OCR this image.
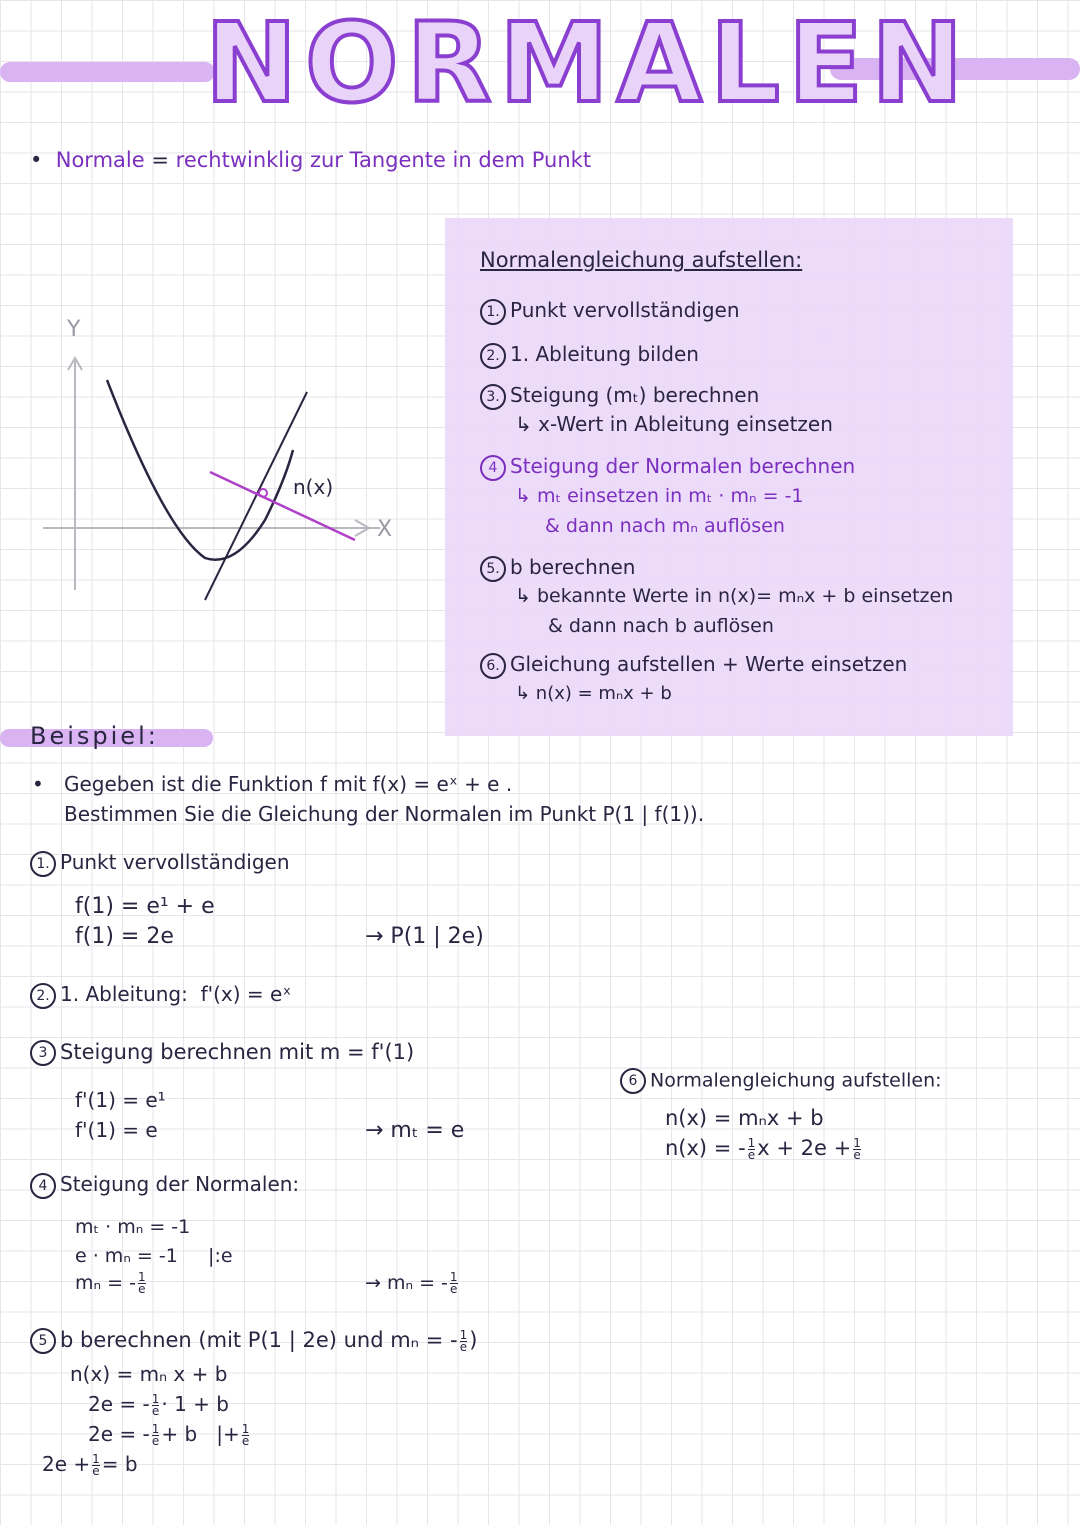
NORMALEN
• Normale = rechtwinklig zur Tangente in dem Punkt
Y
X
n(x)
Normalengleichung aufstellen:
1. Punkt vervollständigen
2. 1. Ableitung bilden
3. Steigung (mₜ) berechnen
↳ x-Wert in Ableitung einsetzen
4 Steigung der Normalen berechnen
↳ mₜ einsetzen in mₜ · mₙ = -1
& dann nach mₙ auflösen
5. b berechnen
↳ bekannte Werte in n(x)= mₙx + b einsetzen
& dann nach b auflösen
6. Gleichung aufstellen + Werte einsetzen
↳ n(x) = mₙx + b
Beispiel:
• Gegeben ist die Funktion f mit f(x) = eˣ + e .
Bestimmen Sie die Gleichung der Normalen im Punkt P(1 | f(1)).
1. Punkt vervollständigen
f(1) = e¹ + e
f(1) = 2e	→ P(1 | 2e)
2. 1. Ableitung: f'(x) = eˣ
3 Steigung berechnen mit m = f'(1)
f'(1) = e¹
f'(1) = e	→ mₜ = e
4 Steigung der Normalen:
mₜ · mₙ = -1
e · mₙ = -1 |:e
mₙ = - $\frac{1}{e}$	→ mₙ = - $\frac{1}{e}$
5 b berechnen (mit P(1 | 2e) und mₙ = - $\frac{1}{e}$ )
n(x) = mₙ x + b
2e = - $\frac{1}{e} \cdot 1 + b$
2e = - $\frac{1}{e} + b$ |+ $\frac{1}{e}$
$2e + \frac{1}{e} = b$
6 Normalengleichung aufstellen:
n(x) = mₙx + b
n(x) = - $\frac{1}{e}$ $x + 2e + \frac{1}{e}$
